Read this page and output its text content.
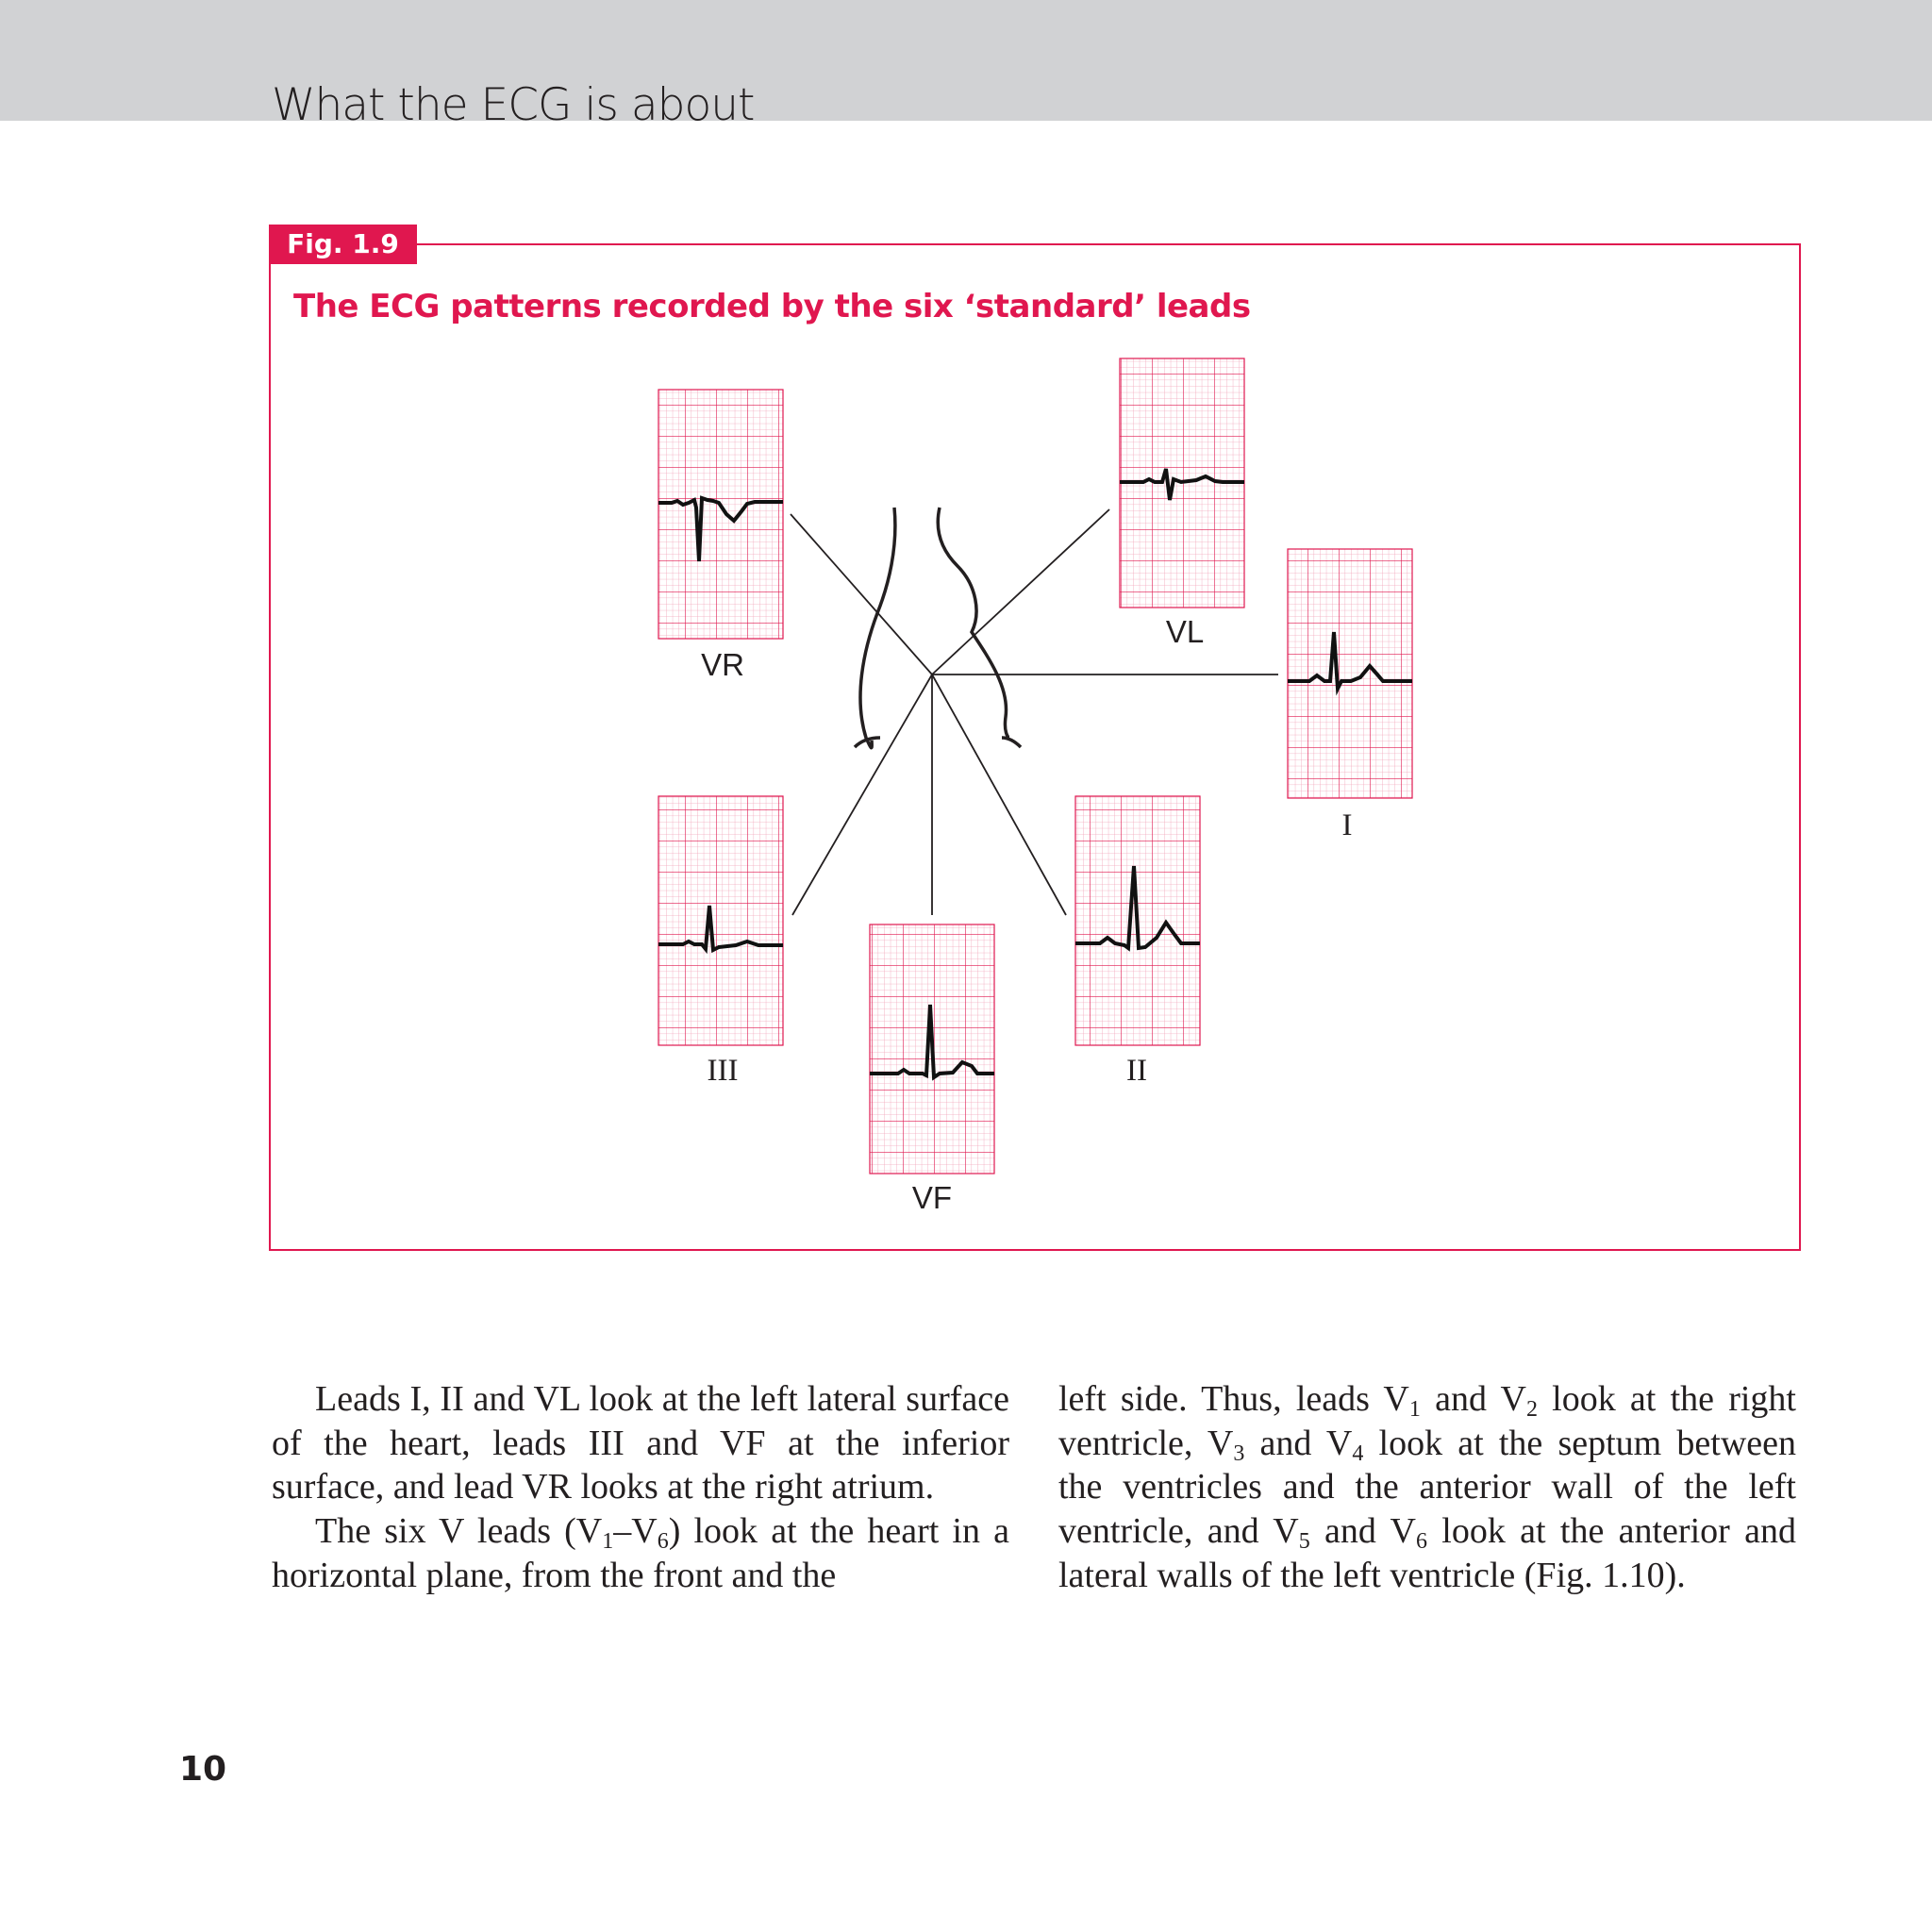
What the ECG is about
Fig. 1.9
The ECG patterns recorded by the six ‘standard’ leads
VR
VL
I
III
VF
II

Leads I, II and VL look at the left lateral surface of the heart, leads III and VF at the inferior surface, and lead VR looks at the right atrium.

The six V leads $(V_1-V_6)$ look at the heart in a horizontal plane, from the front and the

left side. Thus, leads $V_1$ and $V_2$ look at the right ventricle, $V_3$ and $V_4$ look at the septum between the ventricles and the anterior wall of the left ventricle, and $V_5$ and $V_6$ look at the anterior and lateral walls of the left ventricle (Fig. 1.10).

10
